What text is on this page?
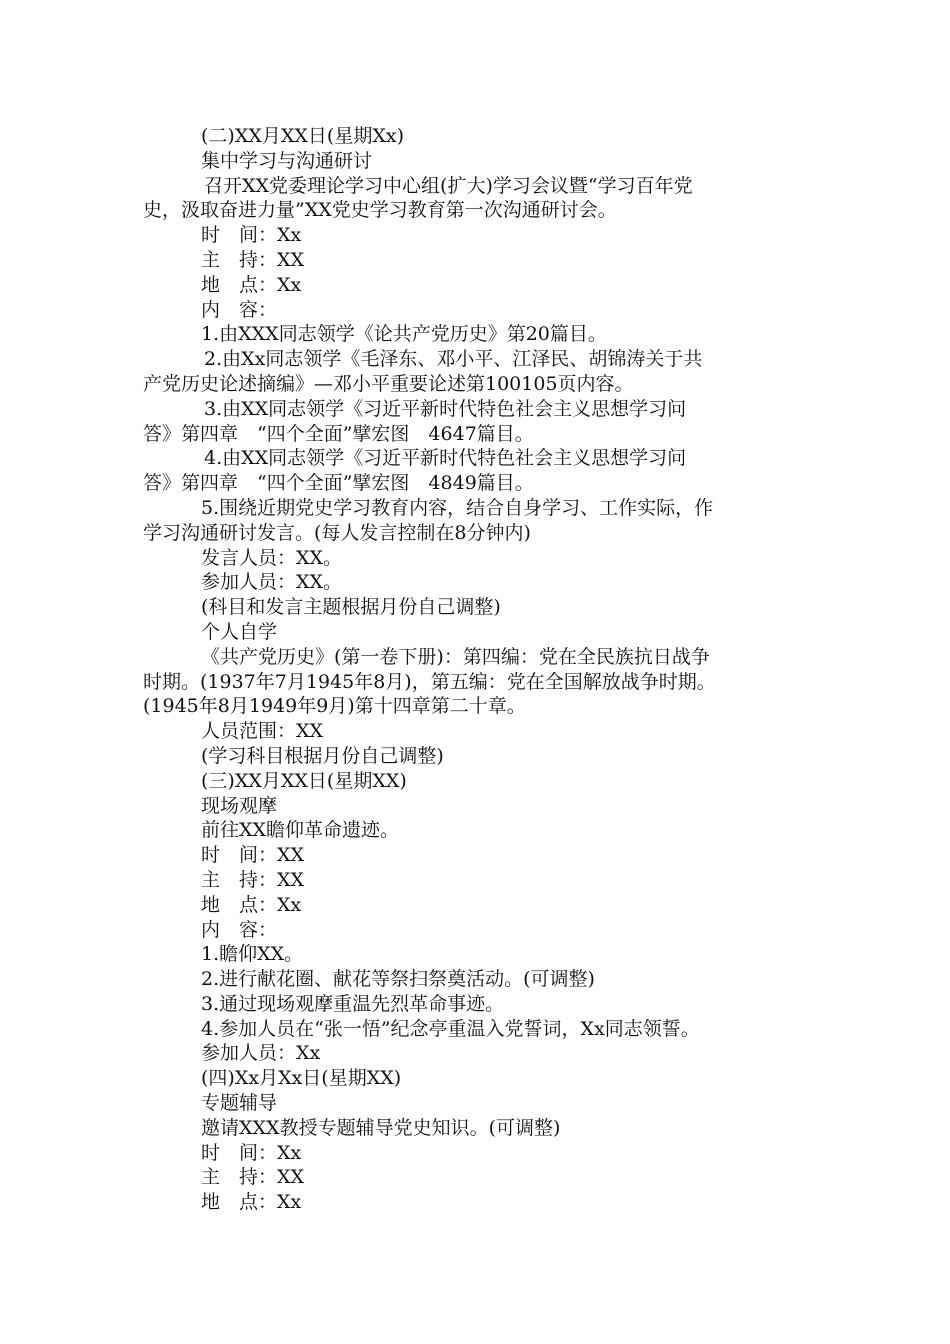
(二)XX月XX日(星期Xx)
集中学习与沟通研讨
召开XX党委理论学习中心组(扩大)学习会议暨“学习百年党
史，汲取奋进力量”XX党史学习教育第一次沟通研讨会。
时　间：Xx
主　持：XX
地　点：Xx
内　容：
1.由XXX同志领学《论共产党历史》第20篇目。
2.由Xx同志领学《毛泽东、邓小平、江泽民、胡锦涛关于共
产党历史论述摘编》—邓小平重要论述第100105页内容。
3.由XX同志领学《习近平新时代特色社会主义思想学习问
答》第四章　“四个全面”擘宏图　4647篇目。
4.由XX同志领学《习近平新时代特色社会主义思想学习问
答》第四章　“四个全面”擘宏图　4849篇目。
5.围绕近期党史学习教育内容，结合自身学习、工作实际，作
学习沟通研讨发言。(每人发言控制在8分钟内)
发言人员：XX。
参加人员：XX。
(科目和发言主题根据月份自己调整)
个人自学
《共产党历史》(第一卷下册)：第四编：党在全民族抗日战争
时期。(1937年7月1945年8月)，第五编：党在全国解放战争时期。
(1945年8月1949年9月)第十四章第二十章。
人员范围：XX
(学习科目根据月份自己调整)
(三)XX月XX日(星期XX)
现场观摩
前往XX瞻仰革命遗迹。
时　间：XX
主　持：XX
地　点：Xx
内　容：
1.瞻仰XX。
2.进行献花圈、献花等祭扫祭奠活动。(可调整)
3.通过现场观摩重温先烈革命事迹。
4.参加人员在“张一悟”纪念亭重温入党誓词，Xx同志领誓。
参加人员：Xx
(四)Xx月Xx日(星期XX)
专题辅导
邀请XXX教授专题辅导党史知识。(可调整)
时　间：Xx
主　持：XX
地　点：Xx
